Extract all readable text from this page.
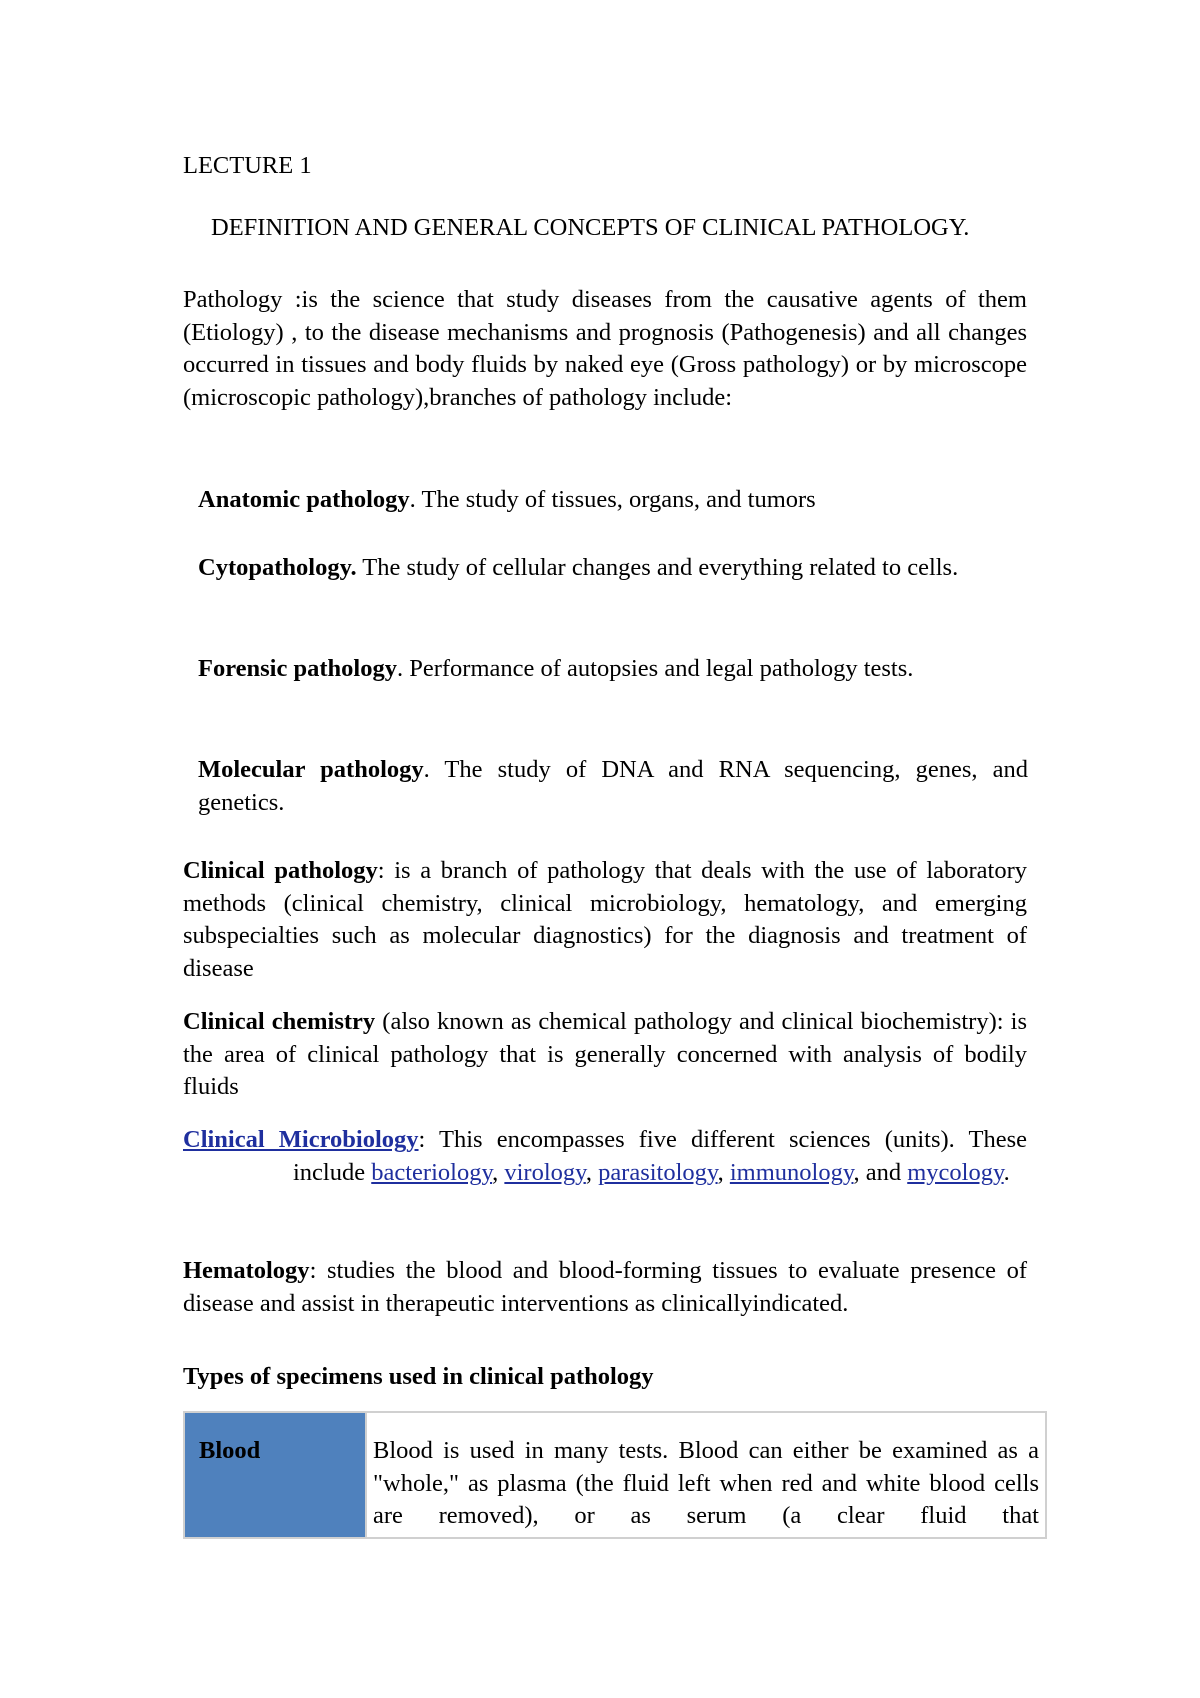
LECTURE 1

DEFINITION AND GENERAL CONCEPTS OF CLINICAL PATHOLOGY.

Pathology :is the science that study diseases from the causative agents of them (Etiology) , to the disease mechanisms and prognosis (Pathogenesis) and all changes occurred in tissues and body fluids by naked eye (Gross pathology) or by microscope (microscopic pathology),branches of pathology include:

Anatomic pathology. The study of tissues, organs, and tumors

Cytopathology. The study of cellular changes and everything related to cells.

Forensic pathology. Performance of autopsies and legal pathology tests.

Molecular pathology. The study of DNA and RNA sequencing, genes, and genetics.

Clinical pathology: is a branch of pathology that deals with the use of laboratory methods (clinical chemistry, clinical microbiology, hematology, and emerging subspecialties such as molecular diagnostics) for the diagnosis and treatment of disease

Clinical chemistry (also known as chemical pathology and clinical biochemistry): is the area of clinical pathology that is generally concerned with analysis of bodily fluids

Clinical Microbiology: This encompasses five different sciences (units). Theseinclude bacteriology, virology, parasitology, immunology, and mycology.

Hematology: studies the blood and blood-forming tissues to evaluate presence of disease and assist in therapeutic interventions as clinicallyindicated.

Types of specimens used in clinical pathology

Blood	Blood is used in many tests. Blood can either be examined as a "whole," as plasma (the fluid left when red and white blood cells are removed), or as serum (a clear fluid that
